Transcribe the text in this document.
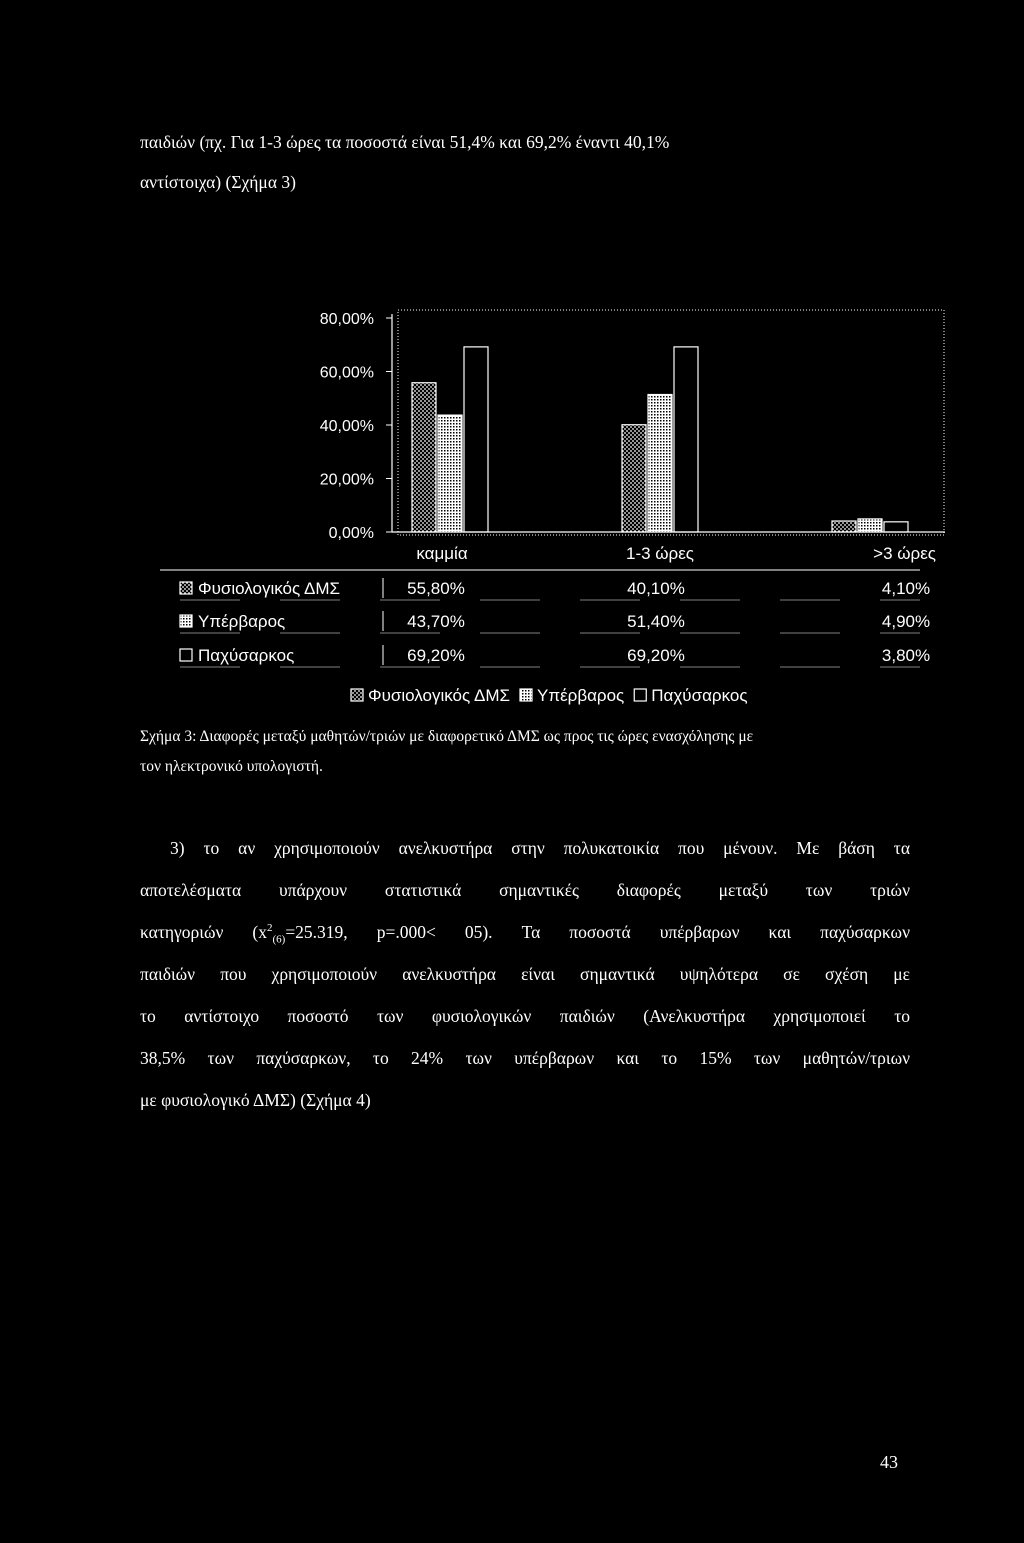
παιδιών (πχ. Για 1-3 ώρες τα ποσοστά είναι 51,4% και 69,2% έναντι 40,1%
αντίστοιχα) (Σχήμα 3)
0,00%
20,00%
40,00%
60,00%
80,00%
καμμία	1-3 ώρες	>3 ώρες
Φυσιολογικός ΔΜΣ	55,80%	40,10%	4,10%
Υπέρβαρος	43,70%	51,40%	4,90%
Παχύσαρκος	69,20%	69,20%	3,80%
Φυσιολογικός ΔΜΣ Υπέρβαρος Παχύσαρκος
Σχήμα 3: Διαφορές μεταξύ μαθητών/τριών με διαφορετικό ΔΜΣ ως προς τις ώρες ενασχόλησης με
τον ηλεκτρονικό υπολογιστή.
3) το αν χρησιμοποιούν ανελκυστήρα στην πολυκατοικία που μένουν. Με βάση τα
αποτελέσματα υπάρχουν στατιστικά σημαντικές διαφορές μεταξύ των τριών
κατηγοριών ($x^2_{(6)}=25.319$, p=.000< 05). Τα ποσοστά υπέρβαρων και παχύσαρκων
παιδιών που χρησιμοποιούν ανελκυστήρα είναι σημαντικά υψηλότερα σε σχέση με
το αντίστοιχο ποσοστό των φυσιολογικών παιδιών (Ανελκυστήρα χρησιμοποιεί το
38,5% των παχύσαρκων, το 24% των υπέρβαρων και το 15% των μαθητών/τριων
με φυσιολογικό ΔΜΣ) (Σχήμα 4)
43
